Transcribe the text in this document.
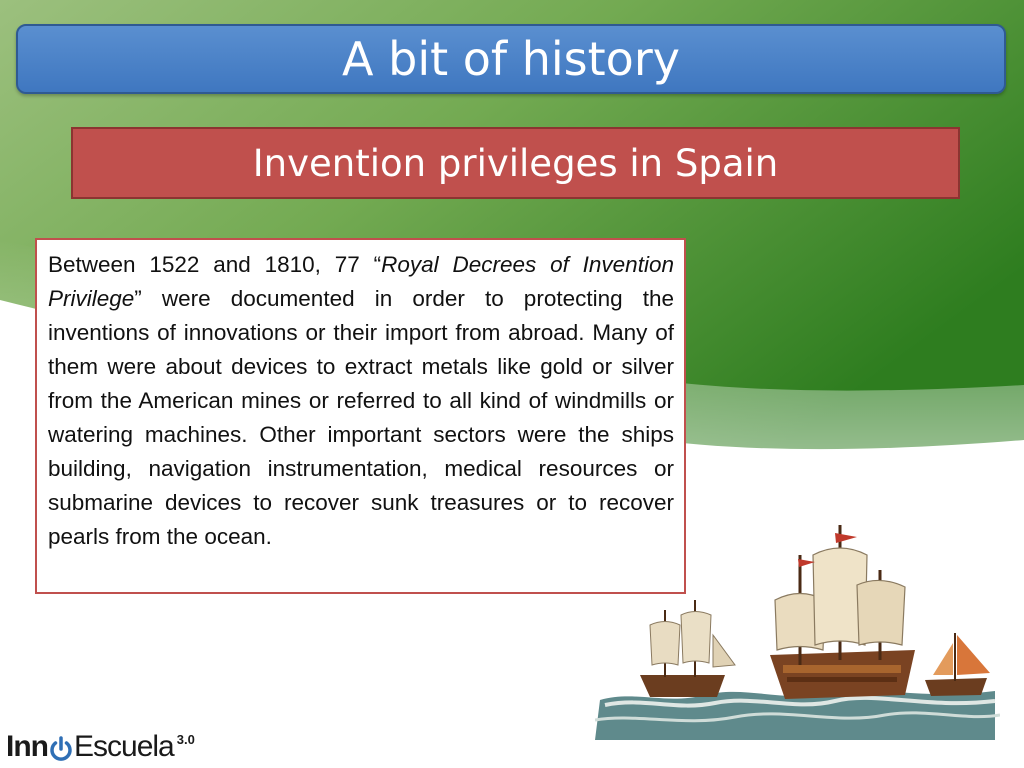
A bit of history
Invention privileges in Spain

Between 1522 and 1810, 77 “Royal Decrees of Invention Privilege” were documented in order to protecting the inventions of innovations or their import from abroad. Many of them were about devices to extract metals like gold or silver from the American mines or referred to all kind of windmills or watering machines. Other important sectors were the ships building, navigation instrumentation, medical resources or submarine devices to recover sunk treasures or to recover pearls from the ocean.

Inn Escuela 3.0
